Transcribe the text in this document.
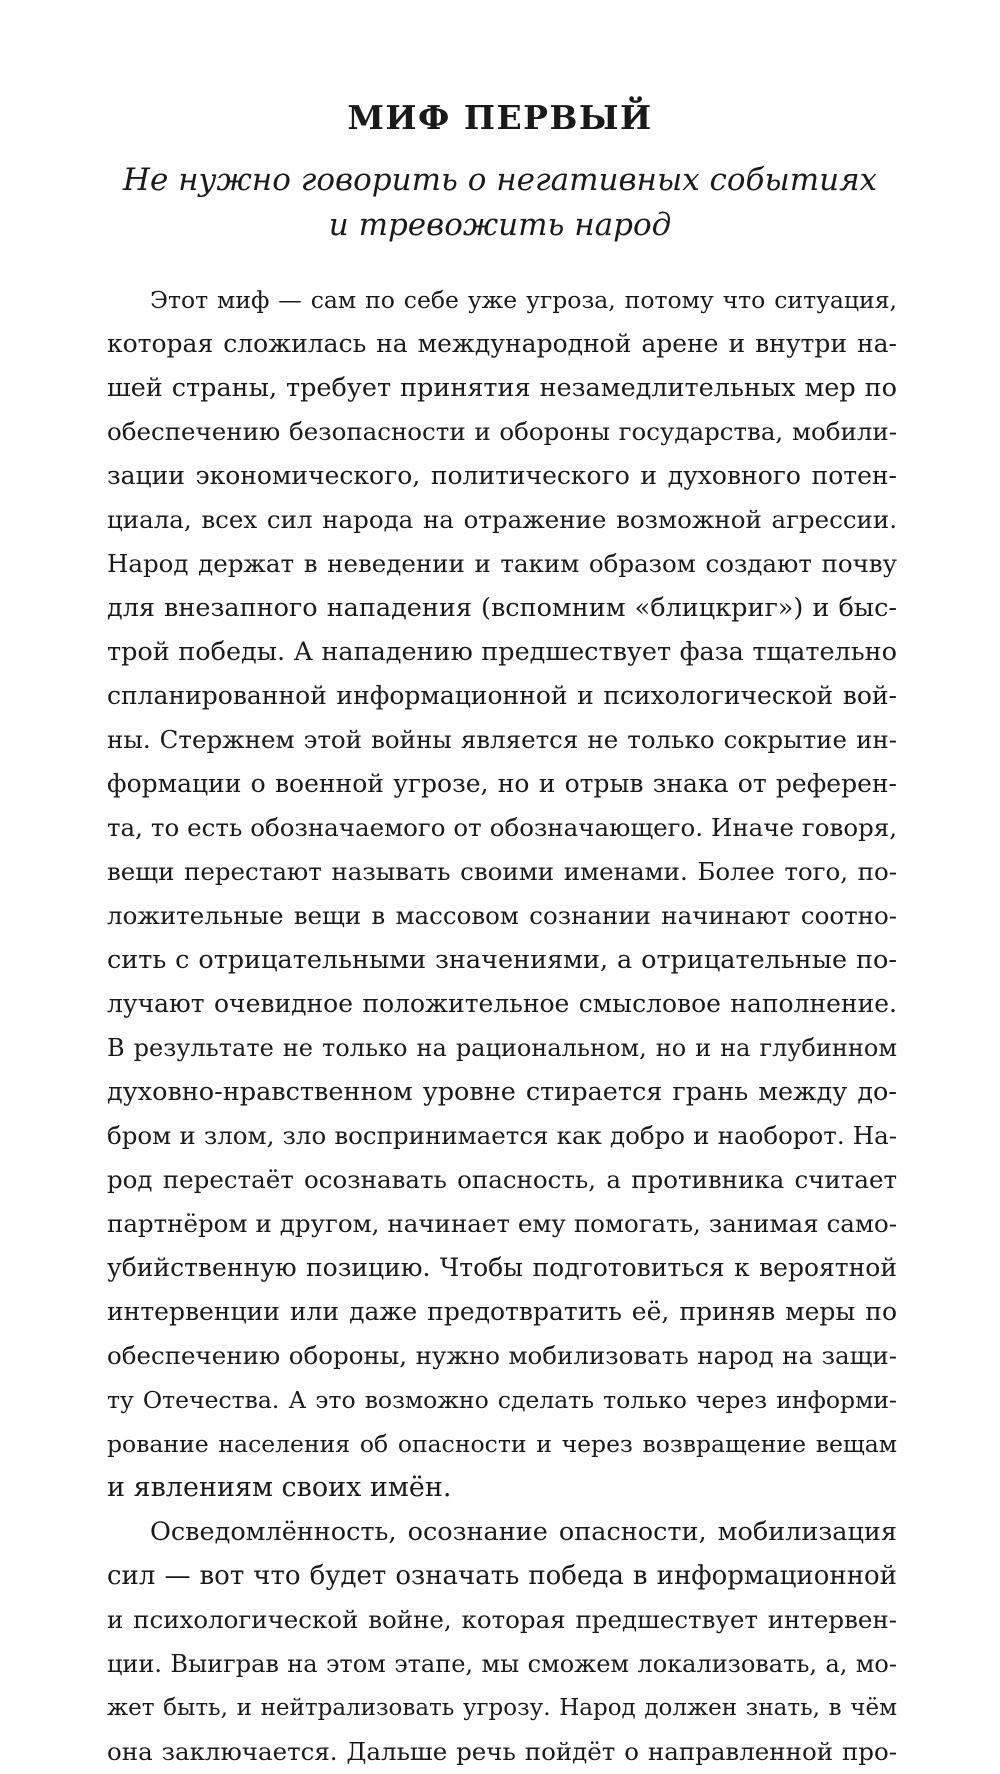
МИФ ПЕРВЫЙ

Не нужно говорить о негативных событиях

и тревожить народ

Этот миф — сам по себе уже угроза, потому что ситуация,
которая сложилась на международной арене и внутри на-
шей страны, требует принятия незамедлительных мер по
обеспечению безопасности и обороны государства, мобили-
зации экономического, политического и духовного потен-
циала, всех сил народа на отражение возможной агрессии.
Народ держат в неведении и таким образом создают почву
для внезапного нападения (вспомним «блицкриг») и быс-
трой победы. А нападению предшествует фаза тщательно
спланированной информационной и психологической вой-
ны. Стержнем этой войны является не только сокрытие ин-
формации о военной угрозе, но и отрыв знака от референ-
та, то есть обозначаемого от обозначающего. Иначе говоря,
вещи перестают называть своими именами. Более того, по-
ложительные вещи в массовом сознании начинают соотно-
сить с отрицательными значениями, а отрицательные по-
лучают очевидное положительное смысловое наполнение.
В результате не только на рациональном, но и на глубинном
духовно-нравственном уровне стирается грань между до-
бром и злом, зло воспринимается как добро и наоборот. На-
род перестаёт осознавать опасность, а противника считает
партнёром и другом, начинает ему помогать, занимая само-
убийственную позицию. Чтобы подготовиться к вероятной
интервенции или даже предотвратить её, приняв меры по
обеспечению обороны, нужно мобилизовать народ на защи-
ту Отечества. А это возможно сделать только через информи-
рование населения об опасности и через возвращение вещам
и явлениям своих имён.
Осведомлённость, осознание опасности, мобилизация
сил — вот что будет означать победа в информационной
и психологической войне, которая предшествует интервен-
ции. Выиграв на этом этапе, мы сможем локализовать, а, мо-
жет быть, и нейтрализовать угрозу. Народ должен знать, в чём
она заключается. Дальше речь пойдёт о направленной про-
